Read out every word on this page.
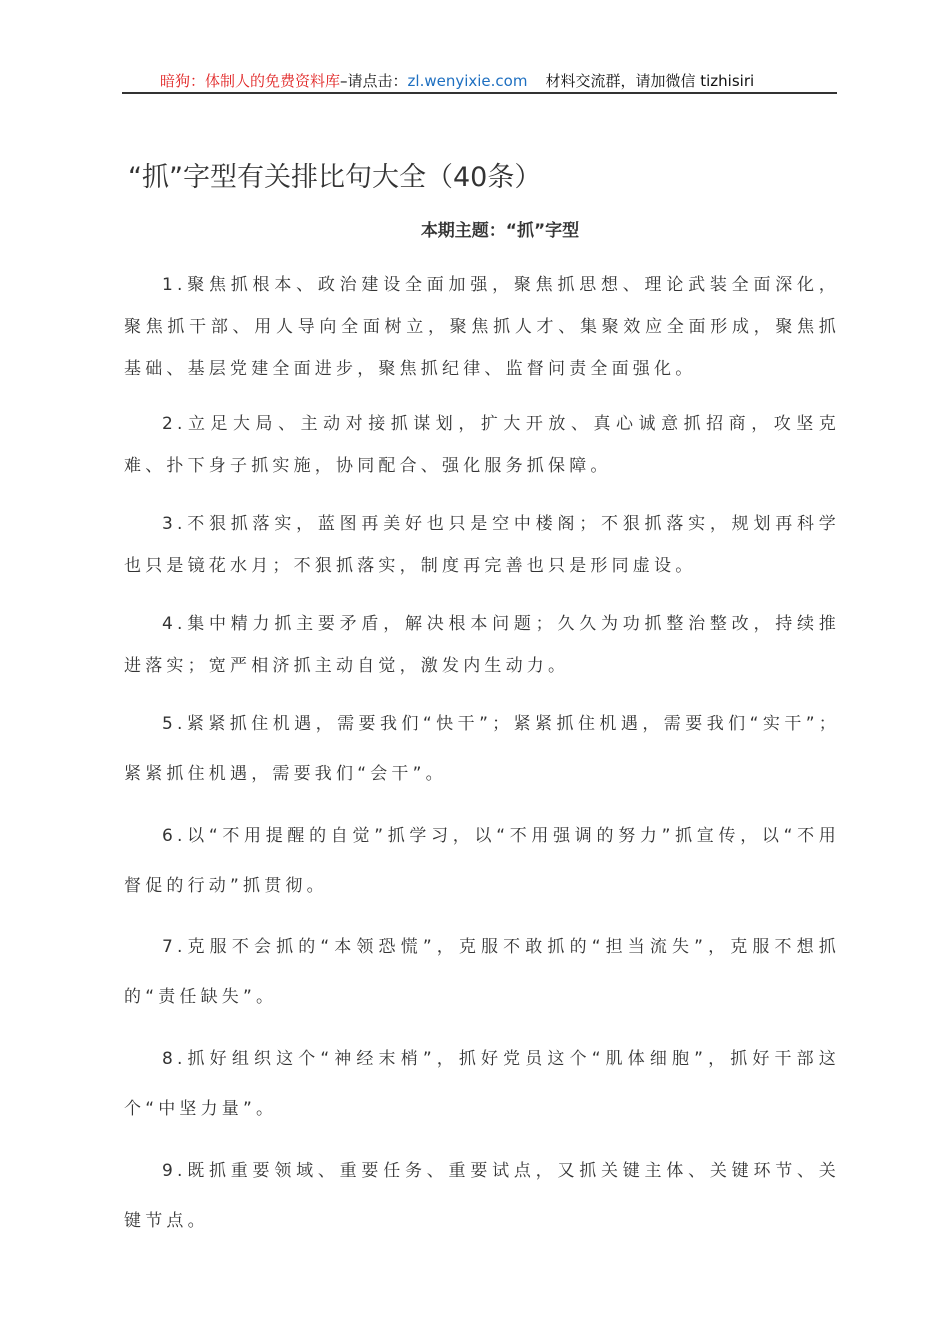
暗狗：体制人的免费资料库–请点击：zl.wenyixie.com 材料交流群，请加微信 tizhisiri
“抓”字型有关排比句大全（40条）
本期主题：“抓”字型
1.聚焦抓根本、政治建设全面加强，聚焦抓思想、理论武装全面深化，聚焦抓干部、用人导向全面树立，聚焦抓人才、集聚效应全面形成，聚焦抓基础、基层党建全面进步，聚焦抓纪律、监督问责全面强化。
2.立足大局、主动对接抓谋划，扩大开放、真心诚意抓招商，攻坚克难、扑下身子抓实施，协同配合、强化服务抓保障。
3.不狠抓落实，蓝图再美好也只是空中楼阁；不狠抓落实，规划再科学也只是镜花水月；不狠抓落实，制度再完善也只是形同虚设。
4.集中精力抓主要矛盾，解决根本问题；久久为功抓整治整改，持续推进落实；宽严相济抓主动自觉，激发内生动力。
5.紧紧抓住机遇，需要我们“快干”；紧紧抓住机遇，需要我们“实干”；紧紧抓住机遇，需要我们“会干”。
6.以“不用提醒的自觉”抓学习，以“不用强调的努力”抓宣传，以“不用督促的行动”抓贯彻。
7.克服不会抓的“本领恐慌”，克服不敢抓的“担当流失”，克服不想抓的“责任缺失”。
8.抓好组织这个“神经末梢”，抓好党员这个“肌体细胞”，抓好干部这个“中坚力量”。
9.既抓重要领域、重要任务、重要试点，又抓关键主体、关键环节、关键节点。
